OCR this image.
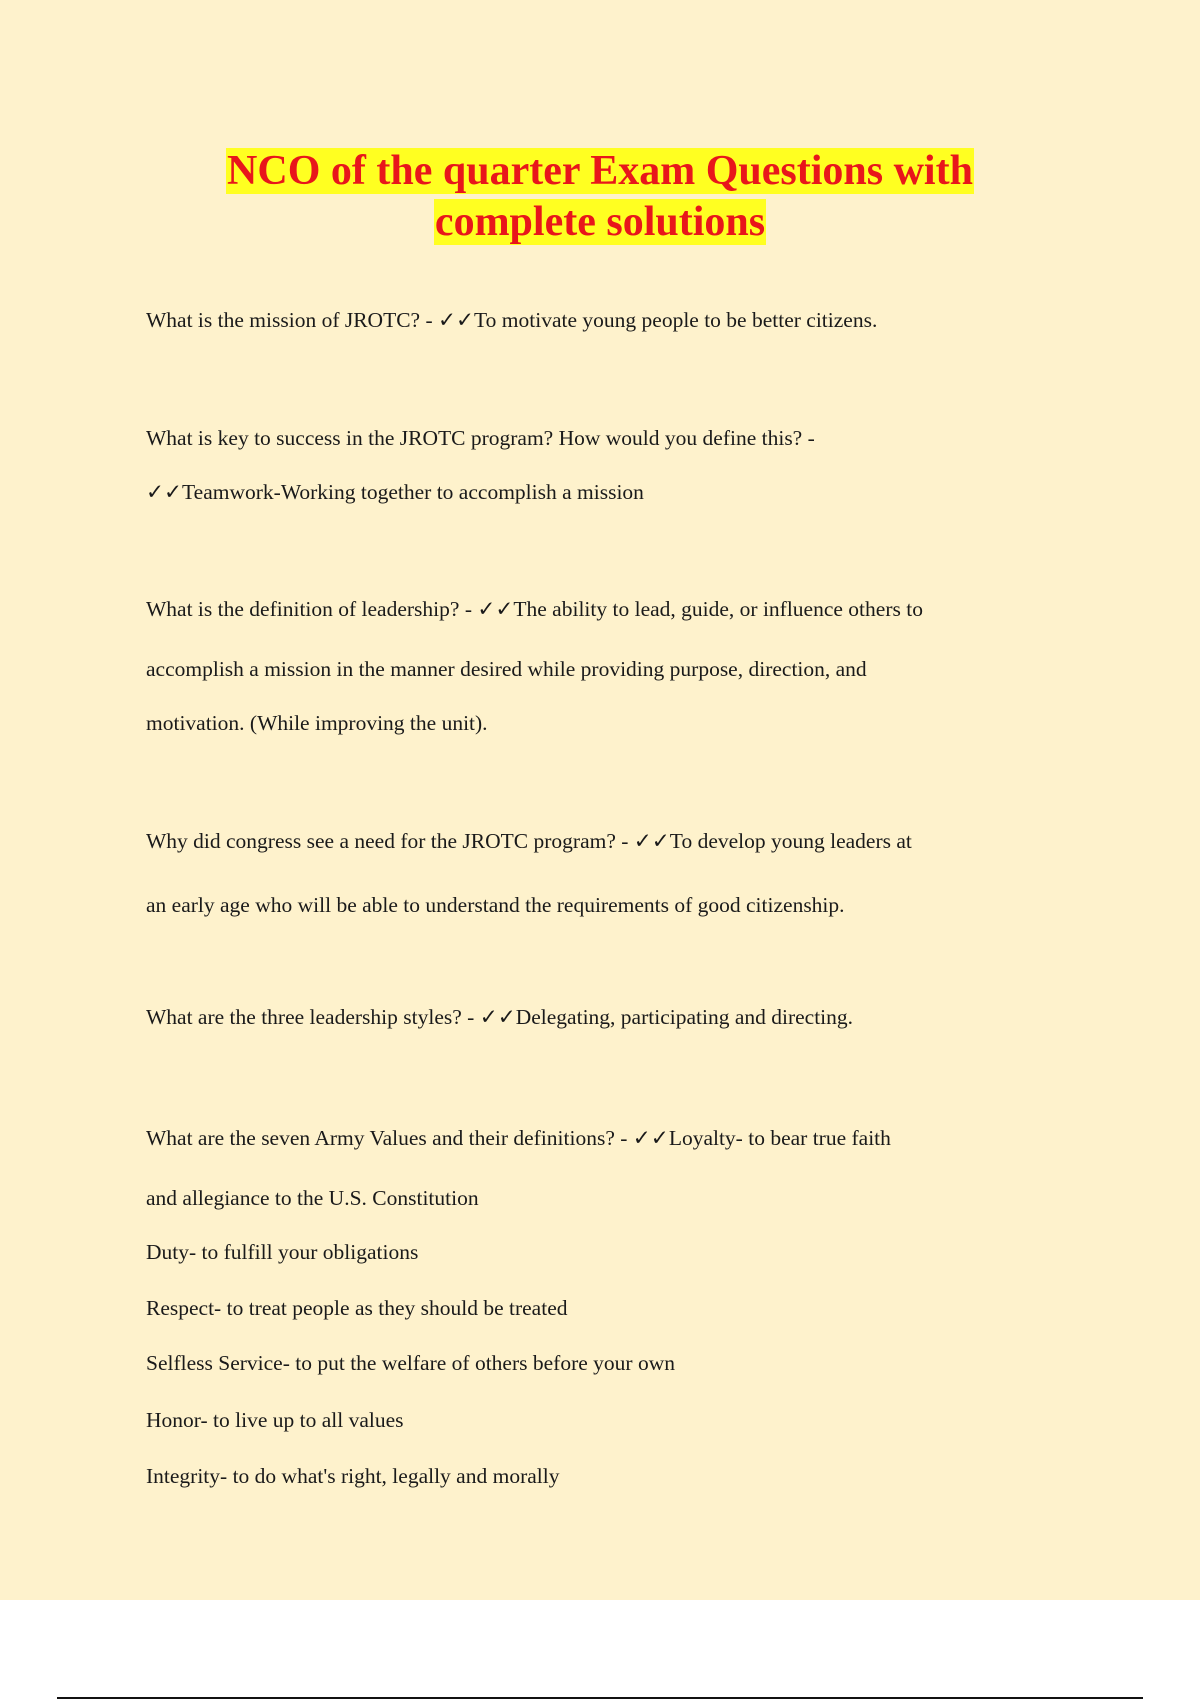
NCO of the quarter Exam Questions with
complete solutions
What is the mission of JROTC? - ✓✓To motivate young people to be better citizens.
What is key to success in the JROTC program? How would you define this? -
✓✓Teamwork-Working together to accomplish a mission
What is the definition of leadership? - ✓✓The ability to lead, guide, or influence others to
accomplish a mission in the manner desired while providing purpose, direction, and
motivation. (While improving the unit).
Why did congress see a need for the JROTC program? - ✓✓To develop young leaders at
an early age who will be able to understand the requirements of good citizenship.
What are the three leadership styles? - ✓✓Delegating, participating and directing.
What are the seven Army Values and their definitions? - ✓✓Loyalty- to bear true faith
and allegiance to the U.S. Constitution
Duty- to fulfill your obligations
Respect- to treat people as they should be treated
Selfless Service- to put the welfare of others before your own
Honor- to live up to all values
Integrity- to do what's right, legally and morally
